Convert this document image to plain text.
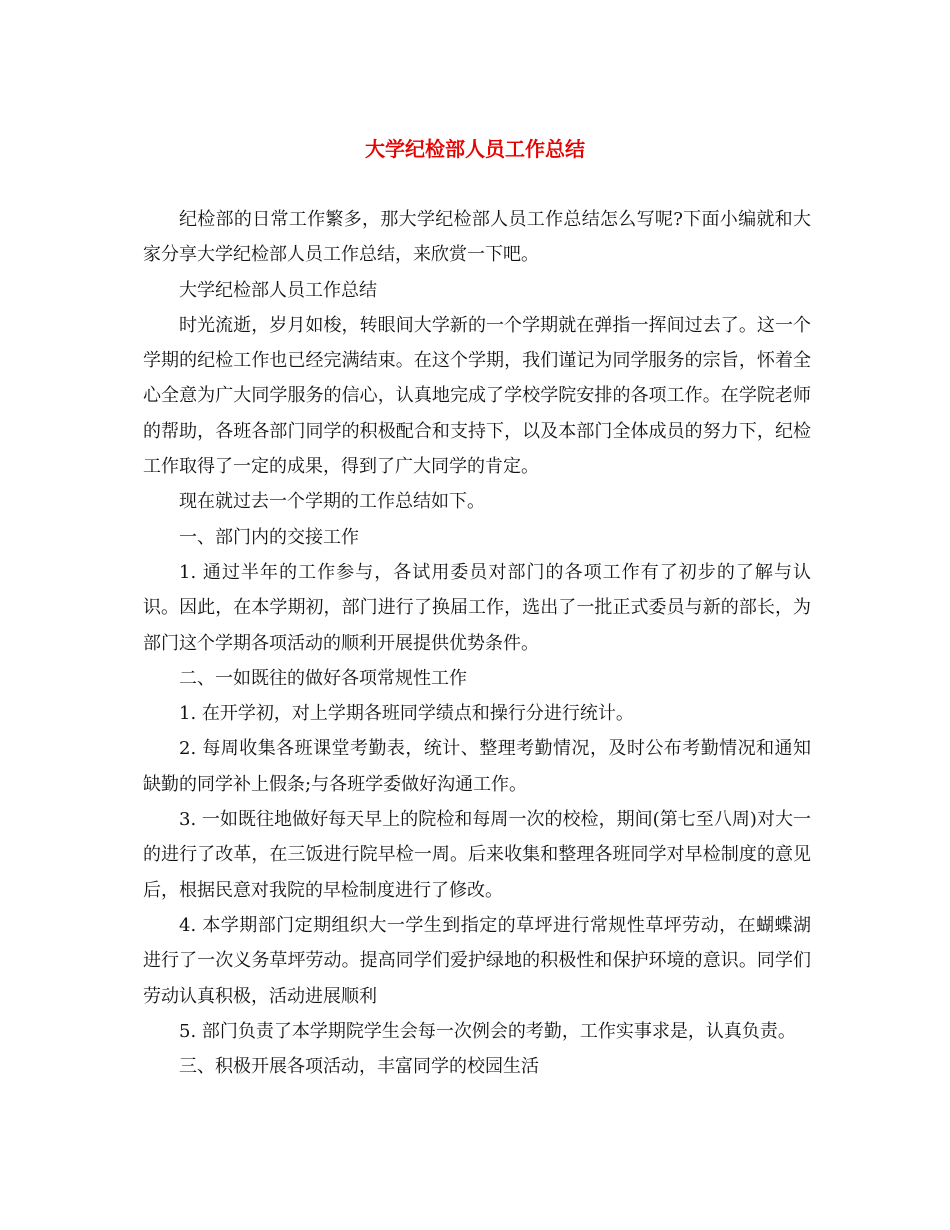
大学纪检部人员工作总结

纪检部的日常工作繁多，那大学纪检部人员工作总结怎么写呢?下面小编就和大家分享大学纪检部人员工作总结，来欣赏一下吧。

大学纪检部人员工作总结

时光流逝，岁月如梭，转眼间大学新的一个学期就在弹指一挥间过去了。这一个学期的纪检工作也已经完满结束。在这个学期，我们谨记为同学服务的宗旨，怀着全心全意为广大同学服务的信心，认真地完成了学校学院安排的各项工作。在学院老师的帮助，各班各部门同学的积极配合和支持下，以及本部门全体成员的努力下，纪检工作取得了一定的成果，得到了广大同学的肯定。

现在就过去一个学期的工作总结如下。

一、部门内的交接工作

1. 通过半年的工作参与，各试用委员对部门的各项工作有了初步的了解与认识。因此，在本学期初，部门进行了换届工作，选出了一批正式委员与新的部长，为部门这个学期各项活动的顺利开展提供优势条件。

二、一如既往的做好各项常规性工作

1. 在开学初，对上学期各班同学绩点和操行分进行统计。

2. 每周收集各班课堂考勤表，统计、整理考勤情况，及时公布考勤情况和通知缺勤的同学补上假条;与各班学委做好沟通工作。

3. 一如既往地做好每天早上的院检和每周一次的校检，期间(第七至八周)对大一的进行了改革，在三饭进行院早检一周。后来收集和整理各班同学对早检制度的意见后，根据民意对我院的早检制度进行了修改。

4. 本学期部门定期组织大一学生到指定的草坪进行常规性草坪劳动，在蝴蝶湖进行了一次义务草坪劳动。提高同学们爱护绿地的积极性和保护环境的意识。同学们劳动认真积极，活动进展顺利

5. 部门负责了本学期院学生会每一次例会的考勤，工作实事求是，认真负责。

三、积极开展各项活动，丰富同学的校园生活
